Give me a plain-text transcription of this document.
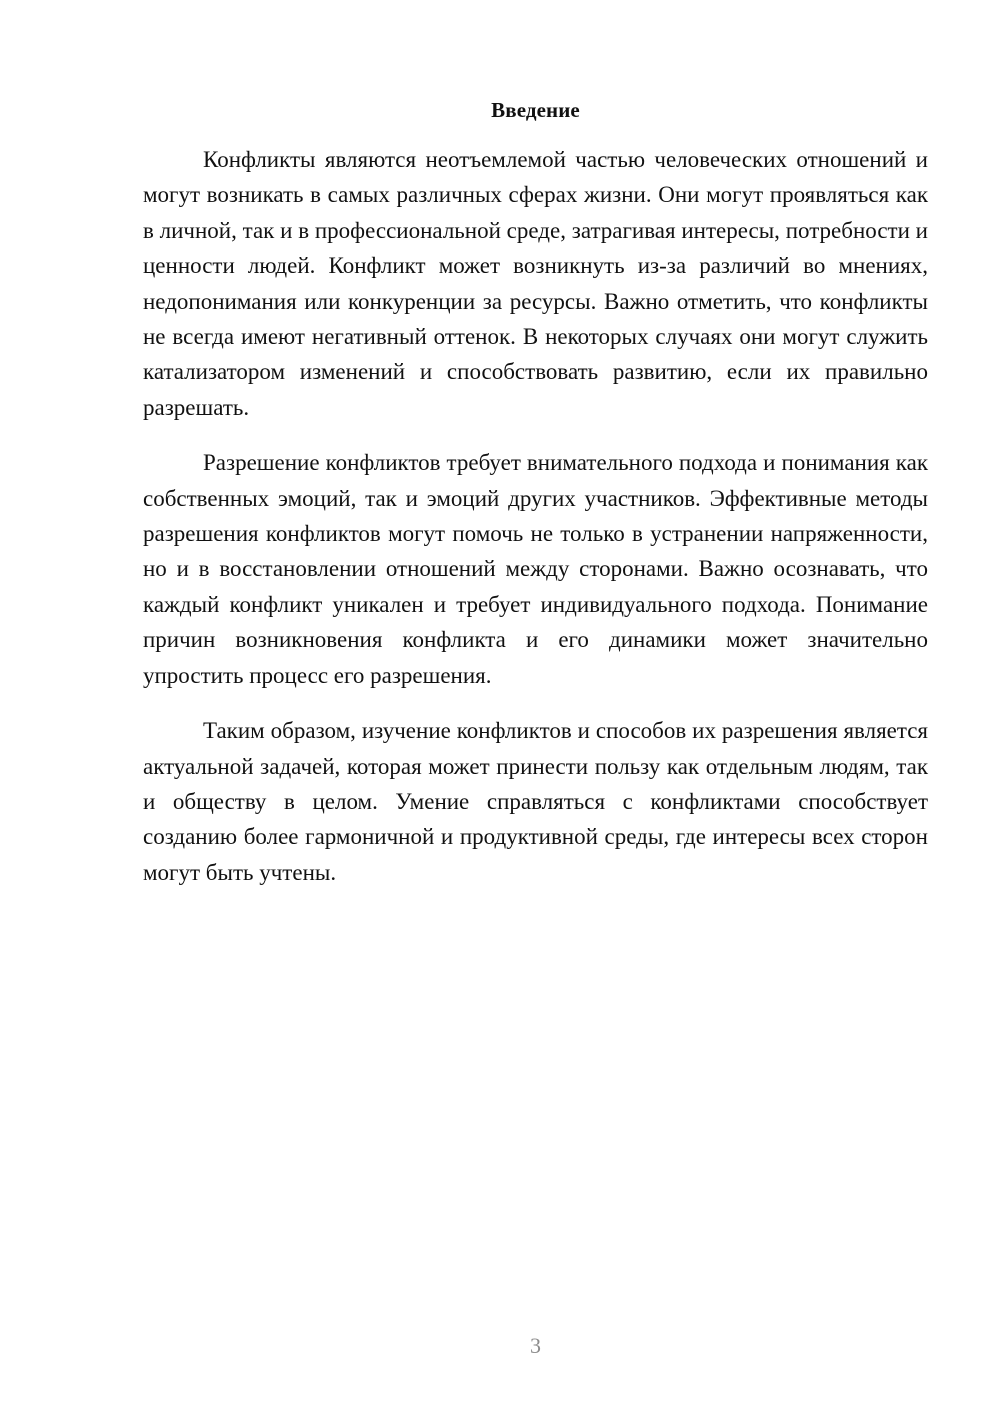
Введение

Конфликты являются неотъемлемой частью человеческих отношений и могут возникать в самых различных сферах жизни. Они могут проявляться как в личной, так и в профессиональной среде, затрагивая интересы, потребности и ценности людей. Конфликт может возникнуть из-за различий во мнениях, недопонимания или конкуренции за ресурсы. Важно отметить, что конфликты не всегда имеют негативный оттенок. В некоторых случаях они могут служить катализатором изменений и способствовать развитию, если их правильно разрешать.

Разрешение конфликтов требует внимательного подхода и понимания как собственных эмоций, так и эмоций других участников. Эффективные методы разрешения конфликтов могут помочь не только в устранении напряженности, но и в восстановлении отношений между сторонами. Важно осознавать, что каждый конфликт уникален и требует индивидуального подхода. Понимание причин возникновения конфликта и его динамики может значительно упростить процесс его разрешения.

Таким образом, изучение конфликтов и способов их разрешения является актуальной задачей, которая может принести пользу как отдельным людям, так и обществу в целом. Умение справляться с конфликтами способствует созданию более гармоничной и продуктивной среды, где интересы всех сторон могут быть учтены.

3
